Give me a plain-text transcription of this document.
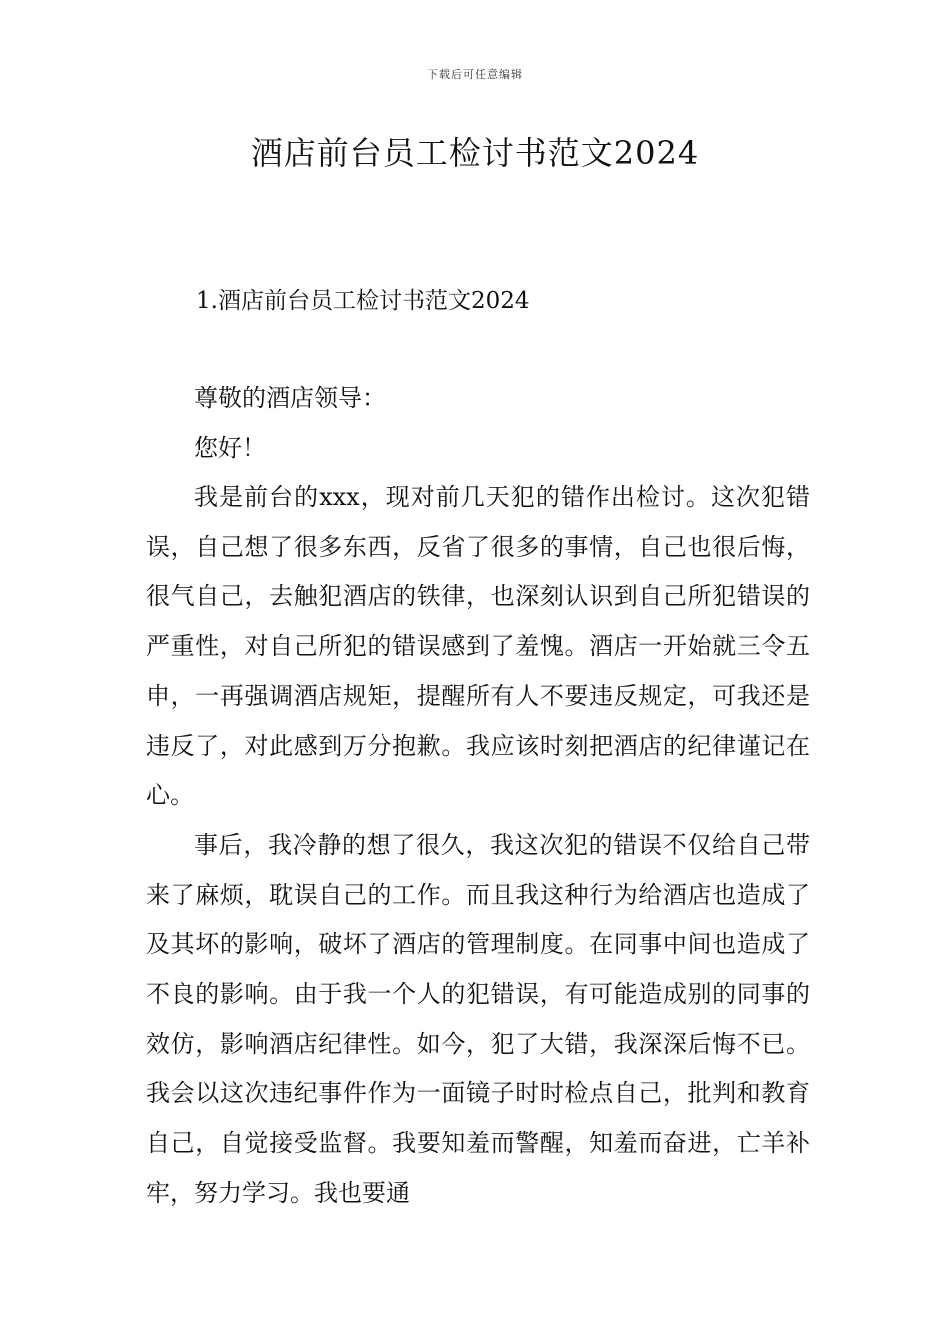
下载后可任意编辑
酒店前台员工检讨书范文2024
1.酒店前台员工检讨书范文2024

尊敬的酒店领导：

您好！

我是前台的xxx，现对前几天犯的错作出检讨。这次犯错误，自己想了很多东西，反省了很多的事情，自己也很后悔，很气自己，去触犯酒店的铁律，也深刻认识到自己所犯错误的严重性，对自己所犯的错误感到了羞愧。酒店一开始就三令五申，一再强调酒店规矩，提醒所有人不要违反规定，可我还是违反了，对此感到万分抱歉。我应该时刻把酒店的纪律谨记在心。

事后，我冷静的想了很久，我这次犯的错误不仅给自己带来了麻烦，耽误自己的工作。而且我这种行为给酒店也造成了及其坏的影响，破坏了酒店的管理制度。在同事中间也造成了不良的影响。由于我一个人的犯错误，有可能造成别的同事的效仿，影响酒店纪律性。如今，犯了大错，我深深后悔不已。我会以这次违纪事件作为一面镜子时时检点自己，批判和教育自己，自觉接受监督。我要知羞而警醒，知羞而奋进，亡羊补牢，努力学习。我也要通
